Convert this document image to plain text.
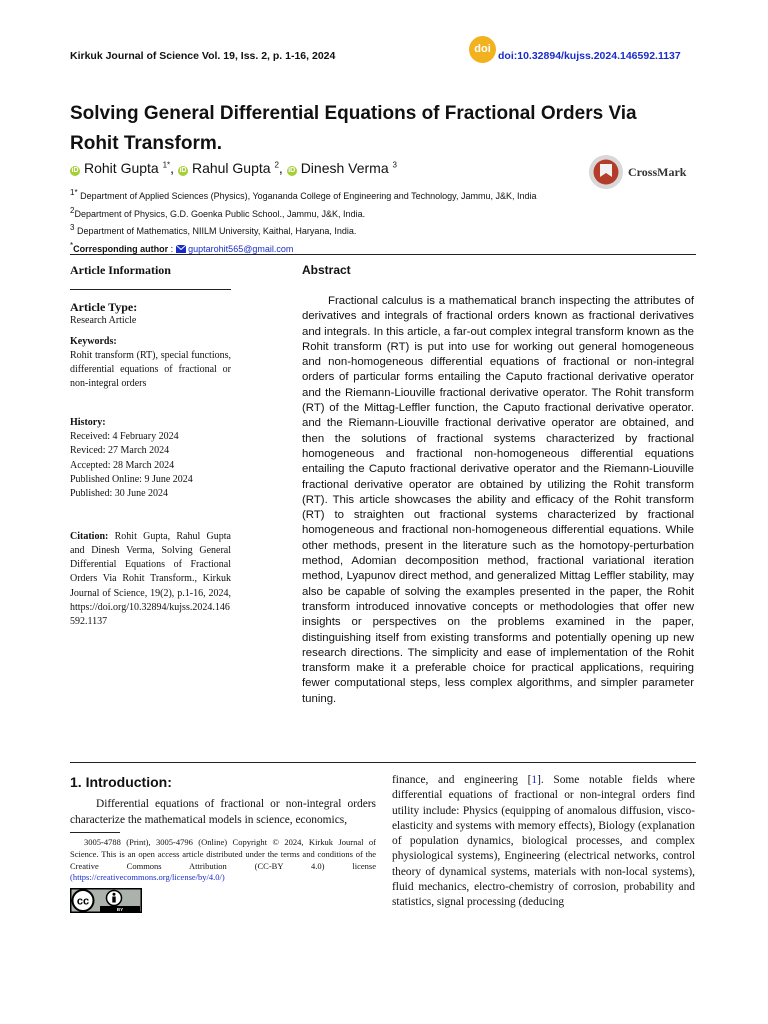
Kirkuk Journal of Science Vol. 19, Iss. 2, p. 1-16, 2024
doi
doi:10.32894/kujss.2024.146592.1137
Solving General Differential Equations of Fractional Orders Via Rohit Transform.
iD Rohit Gupta $^{1*}$, iD Rahul Gupta $^2$, iD Dinesh Verma $^3$
CrossMark
$^{1*}$ Department of Applied Sciences (Physics), Yogananda College of Engineering and Technology, Jammu, J&K, India
$^2$Department of Physics, G.D. Goenka Public School., Jammu, J&K, India.
$^3$ Department of Mathematics, NIILM University, Kaithal, Haryana, India.
*Corresponding author :  guptarohit565@gmail.com
Article Information
Article Type:
Research Article
Keywords:
Rohit transform (RT), special functions, differential equations of fractional or non-integral orders
History:
Received: 4 February 2024
Reviced: 27 March 2024
Accepted: 28 March 2024
Published Online: 9 June 2024
Published: 30 June 2024
Citation: Rohit Gupta, Rahul Gupta and Dinesh Verma, Solving General Differential Equations of Fractional Orders Via Rohit Transform., Kirkuk Journal of Science, 19(2), p.1-16, 2024, https://doi.org/10.32894/kujss.2024.146592.1137
Abstract

Fractional calculus is a mathematical branch inspecting the attributes of derivatives and integrals of fractional orders known as fractional derivatives and integrals. In this article, a far-out complex integral transform known as the Rohit transform (RT) is put into use for working out general homogeneous and non-homogeneous differential equations of fractional or non-integral orders of particular forms entailing the Caputo fractional derivative operator and the Riemann-Liouville fractional derivative operator. The Rohit transform (RT) of the Mittag-Leffler function, the Caputo fractional derivative operator. and the Riemann-Liouville fractional derivative operator are obtained, and then the solutions of fractional systems characterized by fractional homogeneous and fractional non-homogeneous differential equations entailing the Caputo fractional derivative operator and the Riemann-Liouville fractional derivative operator are obtained by utilizing the Rohit transform (RT). This article showcases the ability and efficacy of the Rohit transform (RT) to straighten out fractional systems characterized by fractional homogeneous and fractional non-homogeneous differential equations. While other methods, present in the literature such as the homotopy-perturbation method, Adomian decomposition method, fractional variational iteration method, Lyapunov direct method, and generalized Mittag Leffler stability, may also be capable of solving the examples presented in the paper, the Rohit transform introduced innovative concepts or methodologies that offer new insights or perspectives on the problems examined in the paper, distinguishing itself from existing transforms and potentially opening up new research directions. The simplicity and ease of implementation of the Rohit transform make it a preferable choice for practical applications, requiring fewer computational steps, less complex algorithms, and simpler parameter tuning.

1. Introduction:

Differential equations of fractional or non-integral orders characterize the mathematical models in science, economics,

3005-4788 (Print), 3005-4796 (Online) Copyright © 2024, Kirkuk Journal of Science. This is an open access article distributed under the terms and conditions of the Creative Commons Attribution (CC-BY 4.0) license (https://creativecommons.org/license/by/4.0/)

cc
BY

finance, and engineering [1]. Some notable fields where differential equations of fractional or non-integral orders find utility include: Physics (equipping of anomalous diffusion, visco-elasticity and systems with memory effects), Biology (explanation of population dynamics, biological processes, and complex physiological systems), Engineering (electrical networks, control theory of dynamical systems, materials with non-local systems), fluid mechanics, electro-chemistry of corrosion, probability and statistics, signal processing (deducing
